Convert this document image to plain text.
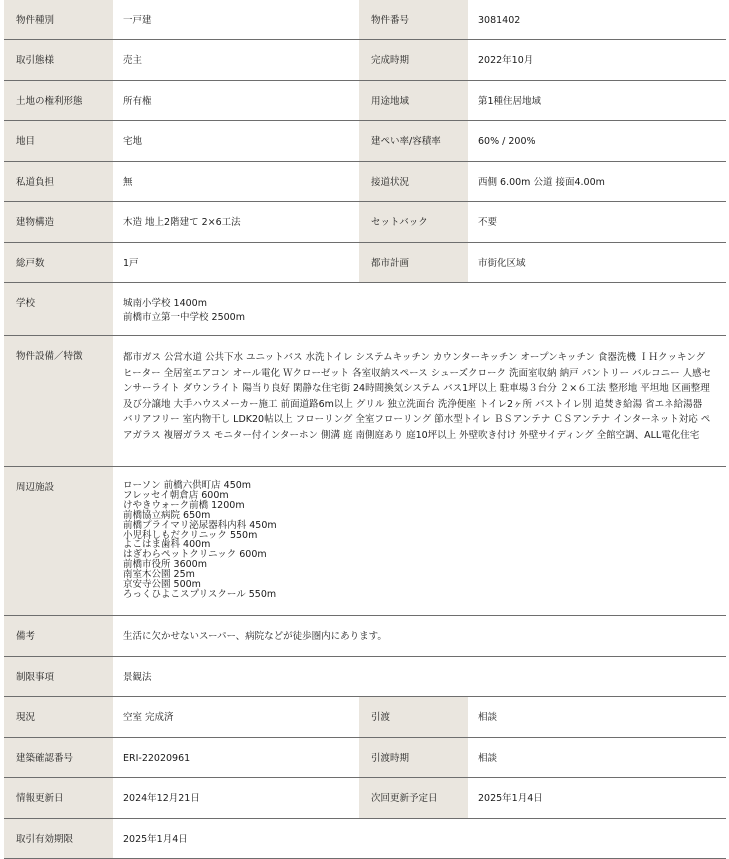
物件種別	一戸建	物件番号	3081402
取引態様	売主	完成時期	2022年10月
土地の権利形態	所有権	用途地域	第1種住居地域
地目	宅地	建ぺい率/容積率	60% / 200%
私道負担	無	接道状況	西側 6.00m 公道 接面4.00m
建物構造	木造 地上2階建て 2×6工法	セットバック	不要
総戸数	1戸	都市計画	市街化区域
学校	城南小学校 1400m
前橋市立第一中学校 2500m
物件設備／特徴	都市ガス 公営水道 公共下水 ユニットバス 水洗トイレ システムキッチン カウンターキッチン オープンキッチン 食器洗機 ＩＨクッキングヒーター 全居室エアコン オール電化 Ｗクローゼット 各室収納スペース シューズクローク 洗面室収納 納戸 パントリー バルコニー 人感センサーライト ダウンライト 陽当り良好 閑静な住宅街 24時間換気システム バス1坪以上 駐車場３台分 ２×６工法 整形地 平坦地 区画整理及び分譲地 大手ハウスメーカー施工 前面道路6m以上 グリル 独立洗面台 洗浄便座 トイレ2ヶ所 バストイレ別 追焚き給湯 省エネ給湯器 バリアフリー 室内物干し LDK20帖以上 フローリング 全室フローリング 節水型トイレ ＢＳアンテナ ＣＳアンテナ インターネット対応 ペアガラス 複層ガラス モニター付インターホン 側溝 庭 南側庭あり 庭10坪以上 外壁吹き付け 外壁サイディング 全館空調、ALL電化住宅
周辺施設	ローソン 前橋六供町店 450m
フレッセイ朝倉店 600m
けやきウォーク前橋 1200m
前橋協立病院 650m
前橋プライマリ泌尿器科内科 450m
小児科しもだクリニック 550m
よこはま歯科 400m
はぎわらペットクリニック 600m
前橋市役所 3600m
南室木公園 25m
京安寺公園 500m
ろっくひよこスプリスクール 550m
備考	生活に欠かせないスーパー、病院などが徒歩圏内にあります。
制限事項	景観法
現況	空室 完成済	引渡	相談
建築確認番号	ERI-22020961	引渡時期	相談
情報更新日	2024年12月21日	次回更新予定日	2025年1月4日
取引有効期限	2025年1月4日
